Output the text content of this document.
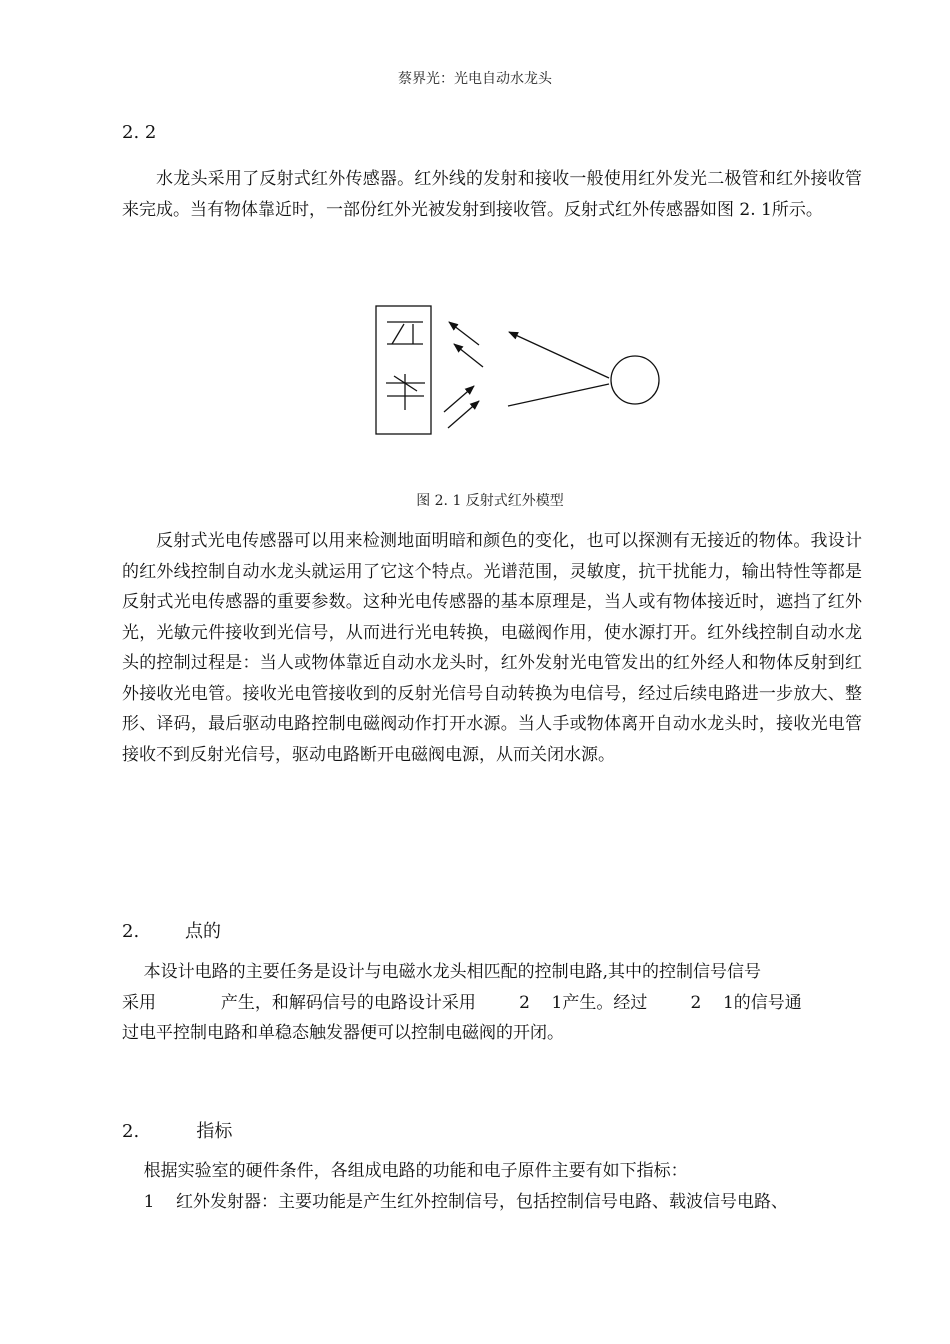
蔡界光：光电自动水龙头
2. 2

水龙头采用了反射式红外传感器。红外线的发射和接收一般使用红外发光二极管和红外接收管来完成。当有物体靠近时，一部份红外光被发射到接收管。反射式红外传感器如图 2. 1所示。

图 2. 1 反射式红外模型

反射式光电传感器可以用来检测地面明暗和颜色的变化，也可以探测有无接近的物体。我设计的红外线控制自动水龙头就运用了它这个特点。光谱范围，灵敏度，抗干扰能力，输出特性等都是反射式光电传感器的重要参数。这种光电传感器的基本原理是，当人或有物体接近时，遮挡了红外光，光敏元件接收到光信号，从而进行光电转换，电磁阀作用，使水源打开。红外线控制自动水龙头的控制过程是：当人或物体靠近自动水龙头时，红外发射光电管发出的红外经人和物体反射到红外接收光电管。接收光电管接收到的反射光信号自动转换为电信号，经过后续电路进一步放大、整形、译码，最后驱动电路控制电磁阀动作打开水源。当人手或物体离开自动水龙头时，接收光电管接收不到反射光信号，驱动电路断开电磁阀电源，从而关闭水源。

2.        点的
本设计电路的主要任务是设计与电磁水龙头相匹配的控制电路,其中的控制信号信号
采用            产生，和解码信号的电路设计采用        2    1产生。经过        2    1的信号通
过电平控制电路和单稳态触发器便可以控制电磁阀的开闭。
2.          指标
根据实验室的硬件条件，各组成电路的功能和电子原件主要有如下指标：
1    红外发射器：主要功能是产生红外控制信号，包括控制信号电路、载波信号电路、
